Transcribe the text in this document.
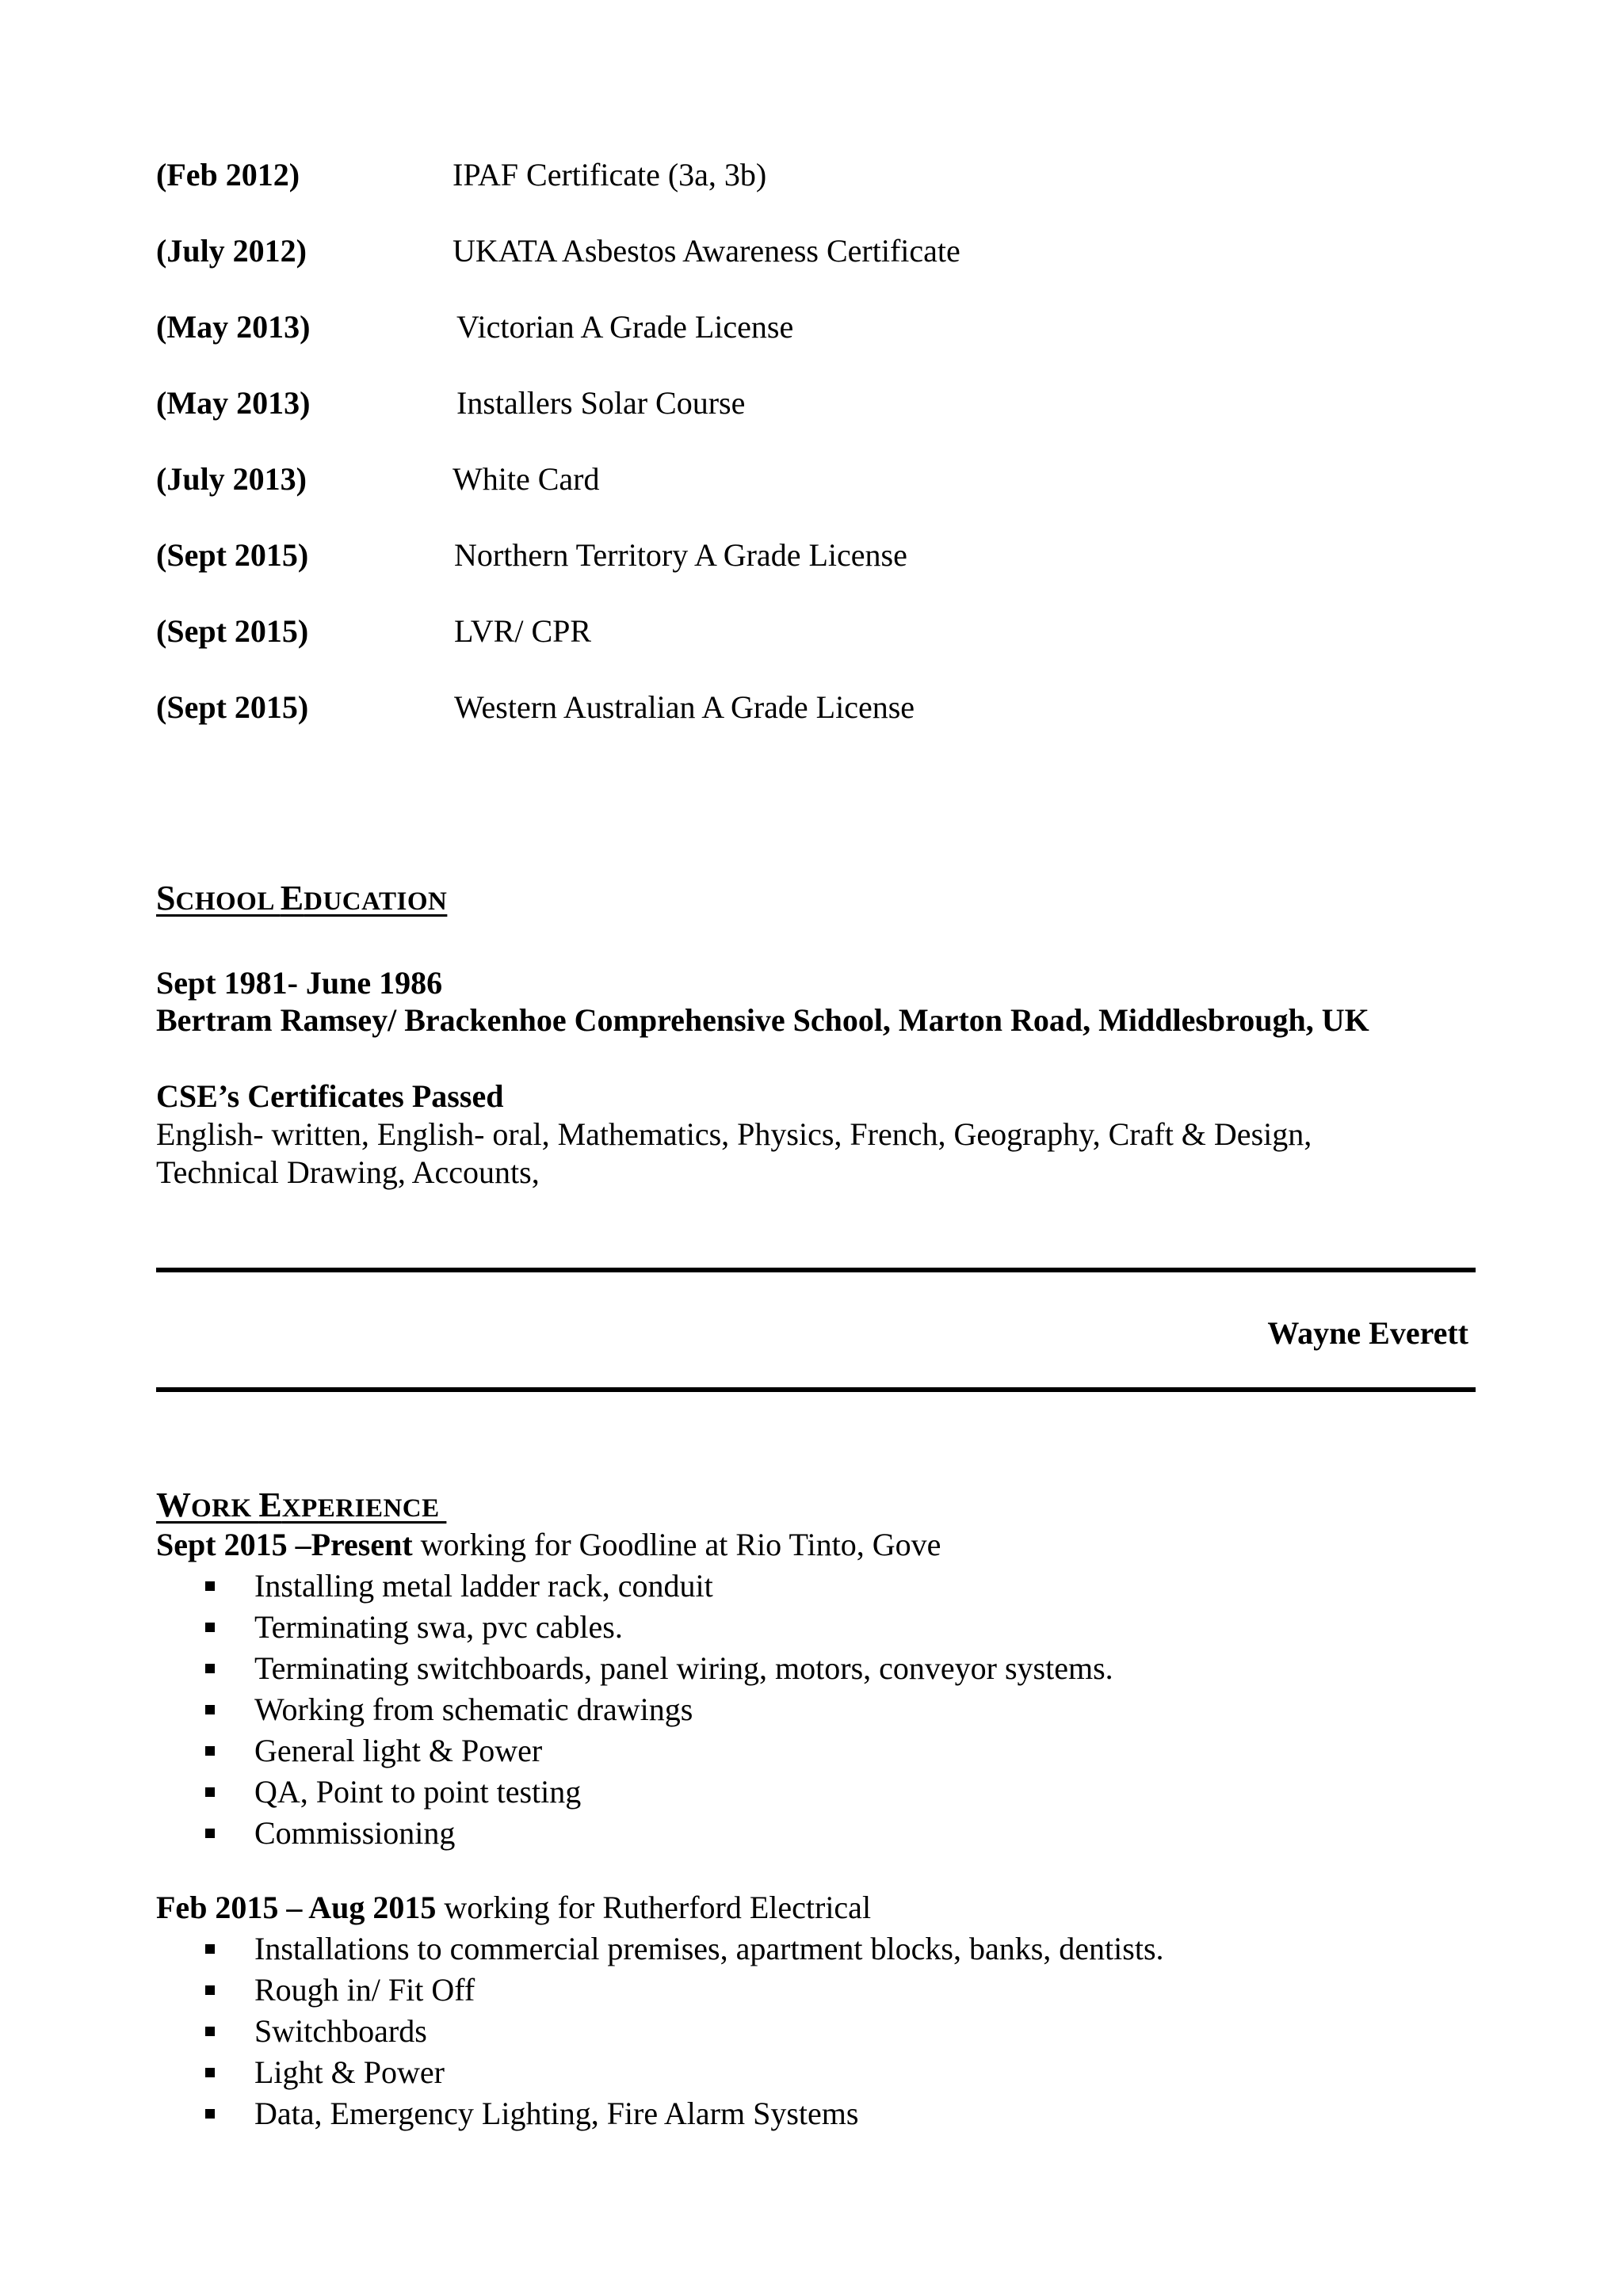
(Feb 2012)	IPAF Certificate (3a, 3b)
(July 2012)	UKATA Asbestos Awareness Certificate
(May 2013)	Victorian A Grade License
(May 2013)	Installers Solar Course
(July 2013)	White Card
(Sept 2015)	Northern Territory A Grade License
(Sept 2015)	LVR/ CPR
(Sept 2015)	Western Australian A Grade License
SCHOOL EDUCATION
Sept 1981- June 1986
Bertram Ramsey/ Brackenhoe Comprehensive School, Marton Road, Middlesbrough, UK
CSE’s Certificates Passed
English- written, English- oral, Mathematics, Physics, French, Geography, Craft & Design,
Technical Drawing, Accounts,
Wayne Everett
WORK EXPERIENCE
Sept 2015 –Present working for Goodline at Rio Tinto, Gove
Installing metal ladder rack, conduit
Terminating swa, pvc cables.
Terminating switchboards, panel wiring, motors, conveyor systems.
Working from schematic drawings
General light & Power
QA, Point to point testing
Commissioning
Feb 2015 – Aug 2015 working for Rutherford Electrical
Installations to commercial premises, apartment blocks, banks, dentists.
Rough in/ Fit Off
Switchboards
Light & Power
Data, Emergency Lighting, Fire Alarm Systems
